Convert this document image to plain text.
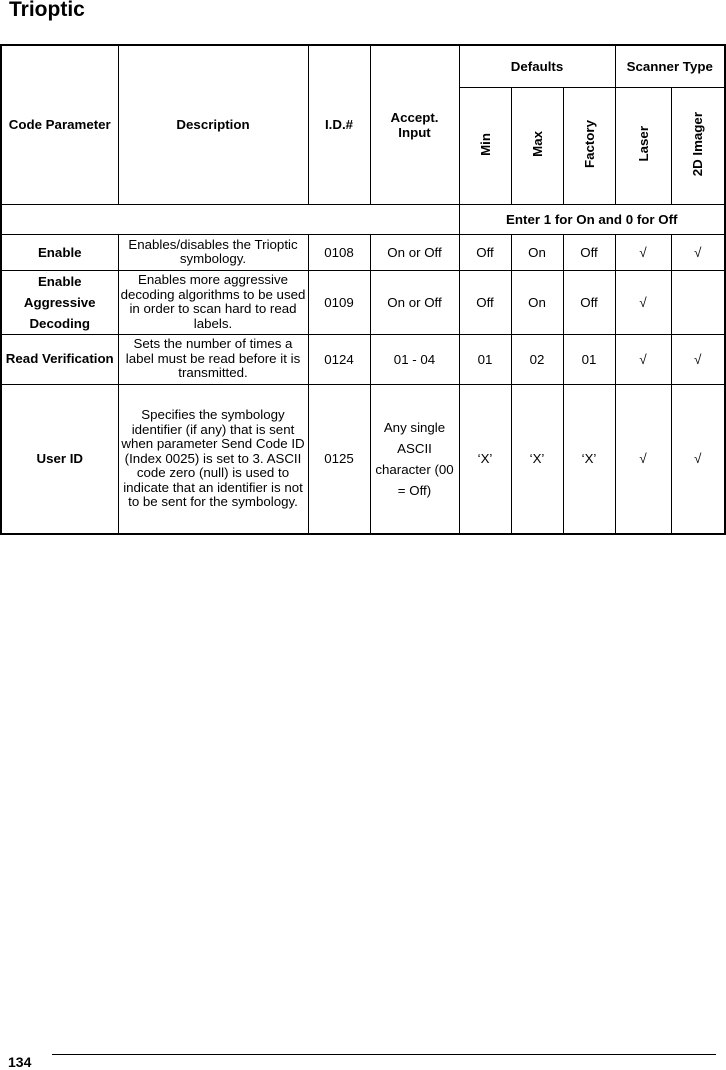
Trioptic
Code Parameter	Description	I.D.#	Accept. Input	Defaults			Scanner Type	
				Min	Max	Factory	Laser	2D Imager
				Enter 1 for On and 0 for Off				
Enable	Enables/disables the Trioptic symbology.	0108	On or Off	Off	On	Off	√	√
Enable Aggressive Decoding	Enables more aggressive decoding algorithms to be used in order to scan hard to read labels.	0109	On or Off	Off	On	Off	√	
Read Verification	Sets the number of times a label must be read before it is transmitted.	0124	01 - 04	01	02	01	√	√
User ID	Specifies the symbology identifier (if any) that is sent when parameter Send Code ID (Index 0025) is set to 3. ASCII code zero (null) is used to indicate that an identifier is not to be sent for the symbology.	0125	Any single ASCII character (00 = Off)	‘X’	‘X’	‘X’	√	√
134
